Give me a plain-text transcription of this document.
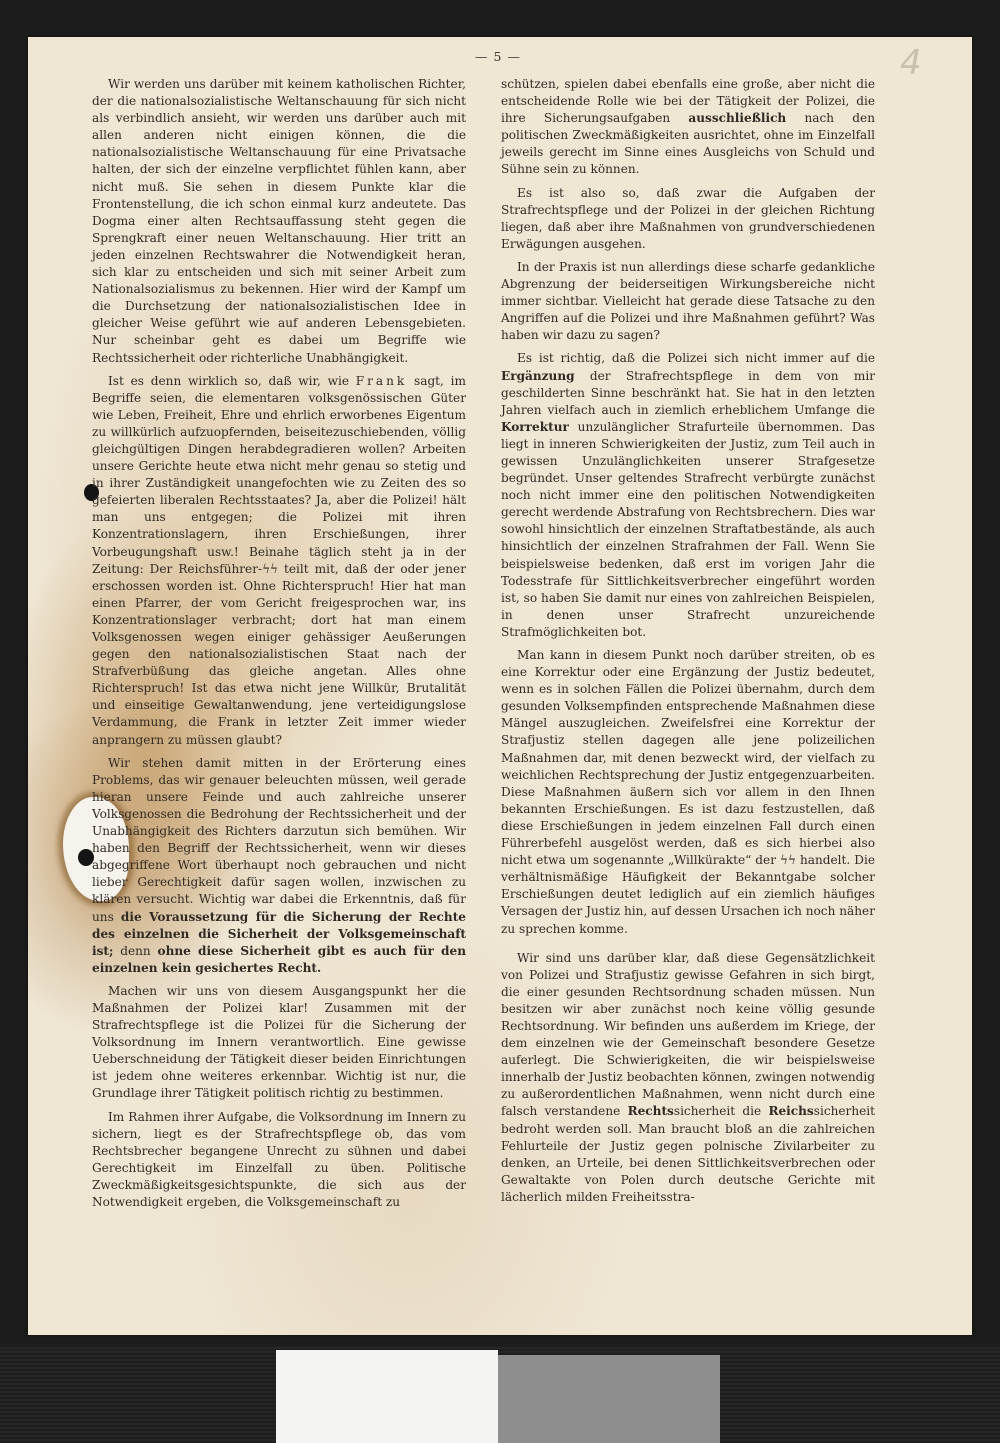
— 5 —	4

Wir werden uns darüber mit keinem katholischen Richter, der die nationalsozialistische Weltanschauung für sich nicht als verbindlich ansieht, wir werden uns darüber auch mit allen anderen nicht einigen können, die die nationalsozialistische Weltanschauung für eine Privatsache halten, der sich der einzelne verpflichtet fühlen kann, aber nicht muß. Sie sehen in diesem Punkte klar die Frontenstellung, die ich schon einmal kurz andeutete. Das Dogma einer alten Rechtsauffassung steht gegen die Sprengkraft einer neuen Weltanschauung. Hier tritt an jeden einzelnen Rechtswahrer die Notwendigkeit heran, sich klar zu entscheiden und sich mit seiner Arbeit zum Nationalsozialismus zu bekennen. Hier wird der Kampf um die Durchsetzung der nationalsozialistischen Idee in gleicher Weise geführt wie auf anderen Lebensgebieten. Nur scheinbar geht es dabei um Begriffe wie Rechtssicherheit oder richterliche Unabhängigkeit.

Ist es denn wirklich so, daß wir, wie Frank sagt, im Begriffe seien, die elementaren volksgenössischen Güter wie Leben, Freiheit, Ehre und ehrlich erworbenes Eigentum zu willkürlich aufzuopfernden, beiseitezuschiebenden, völlig gleichgültigen Dingen herabdegradieren wollen? Arbeiten unsere Gerichte heute etwa nicht mehr genau so stetig und in ihrer Zuständigkeit unangefochten wie zu Zeiten des so gefeierten liberalen Rechtsstaates? Ja, aber die Polizei! hält man uns entgegen; die Polizei mit ihren Konzentrationslagern, ihren Erschießungen, ihrer Vorbeugungshaft usw.! Beinahe täglich steht ja in der Zeitung: Der Reichsführer-ϟϟ teilt mit, daß der oder jener erschossen worden ist. Ohne Richterspruch! Hier hat man einen Pfarrer, der vom Gericht freigesprochen war, ins Konzentrationslager verbracht; dort hat man einem Volksgenossen wegen einiger gehässiger Aeußerungen gegen den nationalsozialistischen Staat nach der Strafverbüßung das gleiche angetan. Alles ohne Richterspruch! Ist das etwa nicht jene Willkür, Brutalität und einseitige Gewaltanwendung, jene verteidigungslose Verdammung, die Frank in letzter Zeit immer wieder anprangern zu müssen glaubt?

Wir stehen damit mitten in der Erörterung eines Problems, das wir genauer beleuchten müssen, weil gerade hieran unsere Feinde und auch zahlreiche unserer Volksgenossen die Bedrohung der Rechtssicherheit und der Unabhängigkeit des Richters darzutun sich bemühen. Wir haben den Begriff der Rechtssicherheit, wenn wir dieses abgegriffene Wort überhaupt noch gebrauchen und nicht lieber Gerechtigkeit dafür sagen wollen, inzwischen zu klären versucht. Wichtig war dabei die Erkenntnis, daß für uns die Voraussetzung für die Sicherung der Rechte des einzelnen die Sicherheit der Volksgemeinschaft ist; denn ohne diese Sicherheit gibt es auch für den einzelnen kein gesichertes Recht.

Machen wir uns von diesem Ausgangspunkt her die Maßnahmen der Polizei klar! Zusammen mit der Strafrechtspflege ist die Polizei für die Sicherung der Volksordnung im Innern verantwortlich. Eine gewisse Ueberschneidung der Tätigkeit dieser beiden Einrichtungen ist jedem ohne weiteres erkennbar. Wichtig ist nur, die Grundlage ihrer Tätigkeit politisch richtig zu bestimmen.

Im Rahmen ihrer Aufgabe, die Volksordnung im Innern zu sichern, liegt es der Strafrechtspflege ob, das vom Rechtsbrecher begangene Unrecht zu sühnen und dabei Gerechtigkeit im Einzelfall zu üben. Politische Zweckmäßigkeitsgesichtspunkte, die sich aus der Notwendigkeit ergeben, die Volksgemeinschaft zu

schützen, spielen dabei ebenfalls eine große, aber nicht die entscheidende Rolle wie bei der Tätigkeit der Polizei, die ihre Sicherungsaufgaben ausschließlich nach den politischen Zweckmäßigkeiten ausrichtet, ohne im Einzelfall jeweils gerecht im Sinne eines Ausgleichs von Schuld und Sühne sein zu können.

Es ist also so, daß zwar die Aufgaben der Strafrechtspflege und der Polizei in der gleichen Richtung liegen, daß aber ihre Maßnahmen von grundverschiedenen Erwägungen ausgehen.

In der Praxis ist nun allerdings diese scharfe gedankliche Abgrenzung der beiderseitigen Wirkungsbereiche nicht immer sichtbar. Vielleicht hat gerade diese Tatsache zu den Angriffen auf die Polizei und ihre Maßnahmen geführt? Was haben wir dazu zu sagen?

Es ist richtig, daß die Polizei sich nicht immer auf die Ergänzung der Strafrechtspflege in dem von mir geschilderten Sinne beschränkt hat. Sie hat in den letzten Jahren vielfach auch in ziemlich erheblichem Umfange die Korrektur unzulänglicher Strafurteile übernommen. Das liegt in inneren Schwierigkeiten der Justiz, zum Teil auch in gewissen Unzulänglichkeiten unserer Strafgesetze begründet. Unser geltendes Strafrecht verbürgte zunächst noch nicht immer eine den politischen Notwendigkeiten gerecht werdende Abstrafung von Rechtsbrechern. Dies war sowohl hinsichtlich der einzelnen Straftatbestände, als auch hinsichtlich der einzelnen Strafrahmen der Fall. Wenn Sie beispielsweise bedenken, daß erst im vorigen Jahr die Todesstrafe für Sittlichkeitsverbrecher eingeführt worden ist, so haben Sie damit nur eines von zahlreichen Beispielen, in denen unser Strafrecht unzureichende Strafmöglichkeiten bot.

Man kann in diesem Punkt noch darüber streiten, ob es eine Korrektur oder eine Ergänzung der Justiz bedeutet, wenn es in solchen Fällen die Polizei übernahm, durch dem gesunden Volksempfinden entsprechende Maßnahmen diese Mängel auszugleichen. Zweifelsfrei eine Korrektur der Strafjustiz stellen dagegen alle jene polizeilichen Maßnahmen dar, mit denen bezweckt wird, der vielfach zu weichlichen Rechtsprechung der Justiz entgegenzuarbeiten. Diese Maßnahmen äußern sich vor allem in den Ihnen bekannten Erschießungen. Es ist dazu festzustellen, daß diese Erschießungen in jedem einzelnen Fall durch einen Führerbefehl ausgelöst werden, daß es sich hierbei also nicht etwa um sogenannte „Willkürakte“ der ϟϟ handelt. Die verhältnismäßige Häufigkeit der Bekanntgabe solcher Erschießungen deutet lediglich auf ein ziemlich häufiges Versagen der Justiz hin, auf dessen Ursachen ich noch näher zu sprechen komme.

Wir sind uns darüber klar, daß diese Gegensätzlichkeit von Polizei und Strafjustiz gewisse Gefahren in sich birgt, die einer gesunden Rechtsordnung schaden müssen. Nun besitzen wir aber zunächst noch keine völlig gesunde Rechtsordnung. Wir befinden uns außerdem im Kriege, der dem einzelnen wie der Gemeinschaft besondere Gesetze auferlegt. Die Schwierigkeiten, die wir beispielsweise innerhalb der Justiz beobachten können, zwingen notwendig zu außerordentlichen Maßnahmen, wenn nicht durch eine falsch verstandene Rechtssicherheit die Reichssicherheit bedroht werden soll. Man braucht bloß an die zahlreichen Fehlurteile der Justiz gegen polnische Zivilarbeiter zu denken, an Urteile, bei denen Sittlichkeitsverbrechen oder Gewaltakte von Polen durch deutsche Gerichte mit lächerlich milden Freiheitsstra-
